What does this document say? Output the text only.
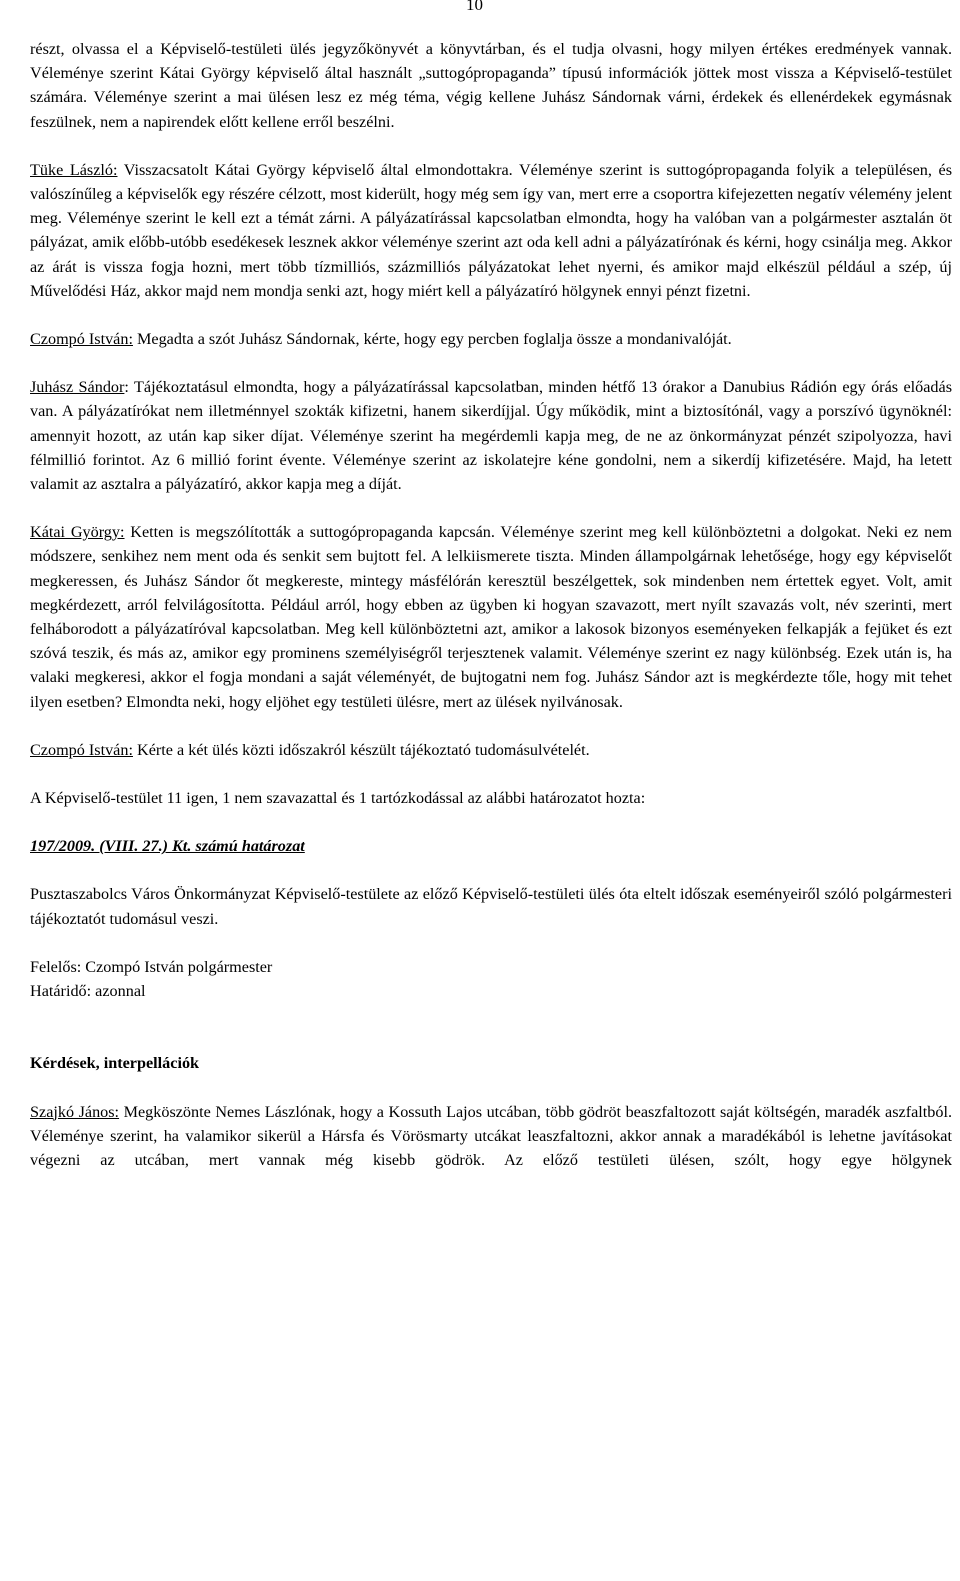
10

részt, olvassa el a Képviselő-testületi ülés jegyzőkönyvét a könyvtárban, és el tudja olvasni, hogy milyen értékes eredmények vannak. Véleménye szerint Kátai György képviselő által használt „suttogópropaganda” típusú információk jöttek most vissza a Képviselő-testület számára. Véleménye szerint a mai ülésen lesz ez még téma, végig kellene Juhász Sándornak várni, érdekek és ellenérdekek egymásnak feszülnek, nem a napirendek előtt kellene erről beszélni.

Tüke László: Visszacsatolt Kátai György képviselő által elmondottakra. Véleménye szerint is suttogópropaganda folyik a településen, és valószínűleg a képviselők egy részére célzott, most kiderült, hogy még sem így van, mert erre a csoportra kifejezetten negatív vélemény jelent meg. Véleménye szerint le kell ezt a témát zárni. A pályázatírással kapcsolatban elmondta, hogy ha valóban van a polgármester asztalán öt pályázat, amik előbb-utóbb esedékesek lesznek akkor véleménye szerint azt oda kell adni a pályázatírónak és kérni, hogy csinálja meg. Akkor az árát is vissza fogja hozni, mert több tízmilliós, százmilliós pályázatokat lehet nyerni, és amikor majd elkészül például a szép, új Művelődési Ház, akkor majd nem mondja senki azt, hogy miért kell a pályázatíró hölgynek ennyi pénzt fizetni.

Czompó István: Megadta a szót Juhász Sándornak, kérte, hogy egy percben foglalja össze a mondanivalóját.

Juhász Sándor: Tájékoztatásul elmondta, hogy a pályázatírással kapcsolatban, minden hétfő 13 órakor a Danubius Rádión egy órás előadás van. A pályázatírókat nem illetménnyel szokták kifizetni, hanem sikerdíjjal. Úgy működik, mint a biztosítónál, vagy a porszívó ügynöknél: amennyit hozott, az után kap siker díjat. Véleménye szerint ha megérdemli kapja meg, de ne az önkormányzat pénzét szipolyozza, havi félmillió forintot. Az 6 millió forint évente. Véleménye szerint az iskolatejre kéne gondolni, nem a sikerdíj kifizetésére. Majd, ha letett valamit az asztalra a pályázatíró, akkor kapja meg a díját.

Kátai György: Ketten is megszólították a suttogópropaganda kapcsán. Véleménye szerint meg kell különböztetni a dolgokat. Neki ez nem módszere, senkihez nem ment oda és senkit sem bujtott fel. A lelkiismerete tiszta. Minden állampolgárnak lehetősége, hogy egy képviselőt megkeressen, és Juhász Sándor őt megkereste, mintegy másfélórán keresztül beszélgettek, sok mindenben nem értettek egyet. Volt, amit megkérdezett, arról felvilágosította. Például arról, hogy ebben az ügyben ki hogyan szavazott, mert nyílt szavazás volt, név szerinti, mert felháborodott a pályázatíróval kapcsolatban. Meg kell különböztetni azt, amikor a lakosok bizonyos eseményeken felkapják a fejüket és ezt szóvá teszik, és más az, amikor egy prominens személyiségről terjesztenek valamit. Véleménye szerint ez nagy különbség. Ezek után is, ha valaki megkeresi, akkor el fogja mondani a saját véleményét, de bujtogatni nem fog. Juhász Sándor azt is megkérdezte tőle, hogy mit tehet ilyen esetben? Elmondta neki, hogy eljöhet egy testületi ülésre, mert az ülések nyilvánosak.

Czompó István: Kérte a két ülés közti időszakról készült tájékoztató tudomásulvételét.

A Képviselő-testület 11 igen, 1 nem szavazattal és 1 tartózkodással az alábbi határozatot hozta:

197/2009. (VIII. 27.) Kt. számú határozat

Pusztaszabolcs Város Önkormányzat Képviselő-testülete az előző Képviselő-testületi ülés óta eltelt időszak eseményeiről szóló polgármesteri tájékoztatót tudomásul veszi.

Felelős: Czompó István polgármester

Határidő: azonnal

Kérdések, interpellációk

Szajkó János: Megköszönte Nemes Lászlónak, hogy a Kossuth Lajos utcában, több gödröt beaszfaltozott saját költségén, maradék aszfaltból. Véleménye szerint, ha valamikor sikerül a Hársfa és Vörösmarty utcákat leaszfaltozni, akkor annak a maradékából is lehetne javításokat végezni az utcában, mert vannak még kisebb gödrök. Az előző testületi ülésen, szólt, hogy egye hölgynek
